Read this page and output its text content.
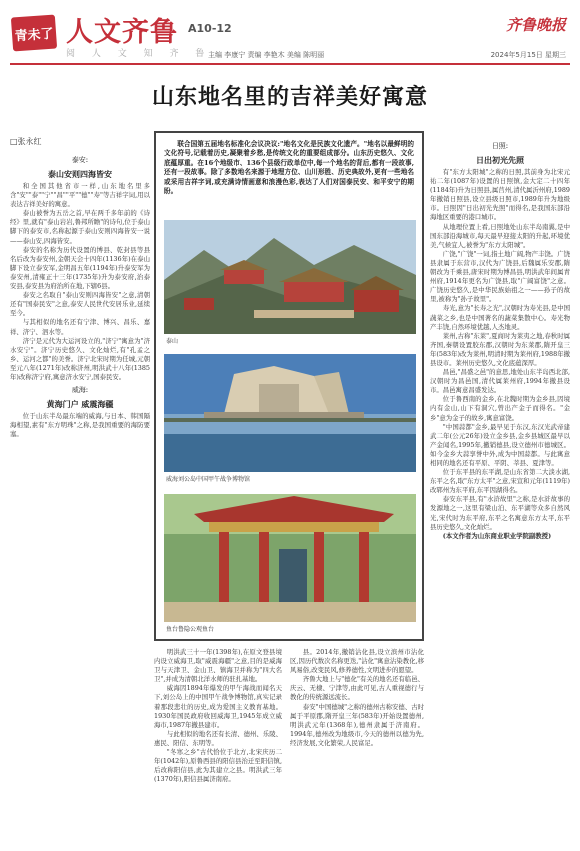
青未了 人文齐鲁 A10-12	齐鲁晚报
阅 人 文 知 齐 鲁
主编 李康宁 责编 李艳木 美编 陈明丽	2024年5月15日 星期三
山东地名里的吉祥美好寓意
□张永红
泰安:
泰山安则四海皆安

和全国其他省市一样,山东地名里多含"安""泰""宁""昌""平""德""寿"等吉祥字词,用以表达吉祥美好的寓意。

泰山被誉为五岳之首,早在两千多年前的《诗经》里,就有"泰山岩岩,鲁邦所瞻"的诗句,位于泰山脚下的泰安市,名称起源于泰山安则四海皆安一说——泰山安,四海皆安。

泰安的名称为历代设置的博县、乾封县等县名后改为泰安州,金朝天会十四年(1136年)在泰山脚下设立泰安军,金明昌五年(1194年)升泰安军为泰安州,清雍正十三年(1735年)升为泰安府,治泰安县,泰安县为府治所在地,下辖6县。

泰安之名取自"泰山安则四海皆安"之意,清朝还有"国泰民安"之意,泰安人民世代安居乐业,延续至今。

与其相似的地名还有宁津、博兴、昌乐、嘉祥、济宁、泗水等。

济宁是元代为大运河设立的,"济宁"寓意为"济水安宁"。济宁历史悠久、文化灿烂,有"孔孟之乡、运河之都"的美誉。济宁北宋时期为任城,元朝至元八年(1271年)改称济州,明洪武十八年(1385年)改称济宁府,寓意济水安宁,国泰民安。

威海:
黄海门户 威震海疆

位于山东半岛最东端的威海,与日本、韩国隔海相望,素有"东方明珠"之称,是我国重要的海防要塞。

联合国第五届地名标准化会议决议:"地名文化是民族文化遗产。"地名以最鲜明的文化符号,记载着历史,凝聚着乡愁,是传统文化的重要组成部分。山东历史悠久、文化底蕴厚重。在16个地级市、136个县级行政单位中,每一个地名的背后,都有一段故事,还有一段故事。除了多数地名来源于地理方位、山川形胜、历史典故外,更有一些地名或采用吉祥字词,或充满诗情画意和浪漫色彩,表达了人们对国泰民安、和平安宁的期盼。
泰山
威海刘公岛中国甲午战争博物馆
鱼台鲁隐公观鱼台

明洪武三十一年(1398年),在原文登县境内设立威海卫,取"威震海疆"之意,目的是威海卫与天津卫、金山卫、镇海卫并称为"四大名卫",并成为清朝北洋水师的驻扎基地。

威海因1894年爆发的甲午海战而闻名天下,刘公岛上的中国甲午战争博物馆,真实记录着那段悲壮的历史,成为爱国主义教育基地。1930年国民政府收回威海卫,1945年成立威海市,1987年撤县建市。

与此相似的地名还有长清、德州、乐陵、惠民、阳信、东明等。

"冬寒之乡"古代恰位于北方,北宋庆历二年(1042年),原鲁西县的阳信县治迁至阳信镇,后改称阳信县,此为其建立之县。明洪武三年(1370年),阳信县属济南府。

县。2014年,撤销沾化县,设立滨州市沾化区,因历代数次名称更迭,"沾化"寓意沾染教化,移风易俗,改变民风,修养德性,文明进步的愿望。

齐鲁大地上与"德化"有关的地名还有临邑、庆云、无棣、宁津等,由此可见,古人重视德行与教化的传统源远流长。

泰安"中国德城"之称的德州古称安德、古时属于平原郡,隋开皇三年(583年)开始设置德州,明洪武元年(1368年),德州隶属于济南府。1994年,德州改为地级市,今天的德州以德为先,经济发展,文化繁荣,人民富足。

日照:
日出初光先照

有"东方太阳城"之称的日照,其前身为北宋元祐二年(1087年)设置的日照镇,金大定二十四年(1184年)升为日照县,属莒州,清代属沂州府,1989年撤销日照县,设立县级日照市,1989年升为地级市。日照因"日出初光先照"而得名,是我国东部沿海地区重要的港口城市。

从地理位置上看,日照地处山东半岛南翼,是中国东部沿海城市,每天最早迎接太阳的升起,环境优美,气候宜人,被誉为"东方太阳城"。

广饶,"广饶"一词,指土地广阔,物产丰饶。广饶县隶属于东营市,汉代为广饶县,后魏属乐安郡,隋朝改为千乘县,唐宋时期为博昌县,明洪武年间属青州府,1914年更名为广饶县,取"广阔富饶"之意。广饶历史悠久,是中华民族始祖之一——孙子的故里,被称为"孙子故里"。

寿光,意为"长寿之光",汉朝时为寿光县,是中国蔬菜之乡,也是中国著名的蔬菜集散中心。寿光物产丰饶,自然环境优越,人杰地灵。

莱州,古称"东莱",夏商时为莱夷之地,春秋时属齐国,秦朝设置胶东郡,汉朝时为东莱郡,隋开皇三年(583年)改为莱州,明清时期为莱州府,1988年撤县设市。莱州历史悠久,文化底蕴深厚。

昌邑,"昌盛之邑"的意思,地处山东半岛西北部,汉朝时为昌邑国,清代属莱州府,1994年撤县设市。昌邑寓意昌盛发达。

位于鲁西南的金乡,在北魏时期为金乡县,因境内有金山,山下有洞穴,曾出产金子而得名。"金乡"意为金子的故乡,寓意富饶。

"中国蒜都"金乡,最早见于东汉,东汉光武帝建武二年(公元26年)设立金乡县,金乡县城区最早以产金闻名,1995年,撤销德县,设立德州市德城区。如今金乡大蒜享誉中外,成为中国蒜都。与此寓意相同的地名还有平原、平阴、莘县、夏津等。

位于东平县的东平湖,是山东省第二大淡水湖,东平之名,取"东方太平"之意,宋宣和元年(1119年)改郓州为东平府,东平因湖得名。

泰安东平县,有"水浒故里"之称,是水浒故事的发源地之一,这里有梁山泊、东平湖等众多自然风光,宋代时为东平府,东平之名寓意东方太平,东平县历史悠久,文化灿烂。

(本文作者为山东商业职业学院副教授)
